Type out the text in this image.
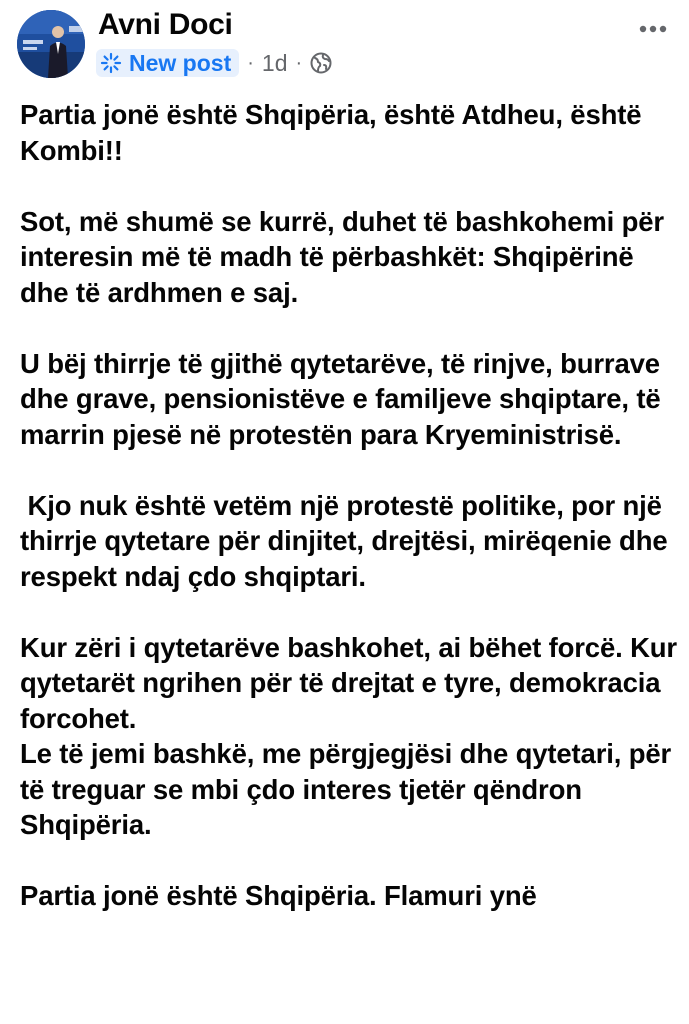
Avni Doci
New post · 1d ·

Partia jonë është Shqipëria, është Atdheu, është Kombi!!

Sot, më shumë se kurrë, duhet të bashkohemi për interesin më të madh të përbashkët: Shqipërinë dhe të ardhmen e saj.

U bëj thirrje të gjithë qytetarëve, të rinjve, burrave dhe grave, pensionistëve e familjeve shqiptare, të marrin pjesë në protestën para Kryeministrisë.

Kjo nuk është vetëm një protestë politike, por një thirrje qytetare për dinjitet, drejtësi, mirëqenie dhe respekt ndaj çdo shqiptari.

Kur zëri i qytetarëve bashkohet, ai bëhet forcë. Kur qytetarët ngrihen për të drejtat e tyre, demokracia forcohet.

Le të jemi bashkë, me përgjegjësi dhe qytetari, për të treguar se mbi çdo interes tjetër qëndron Shqipëria.

Partia jonë është Shqipëria. Flamuri ynë
